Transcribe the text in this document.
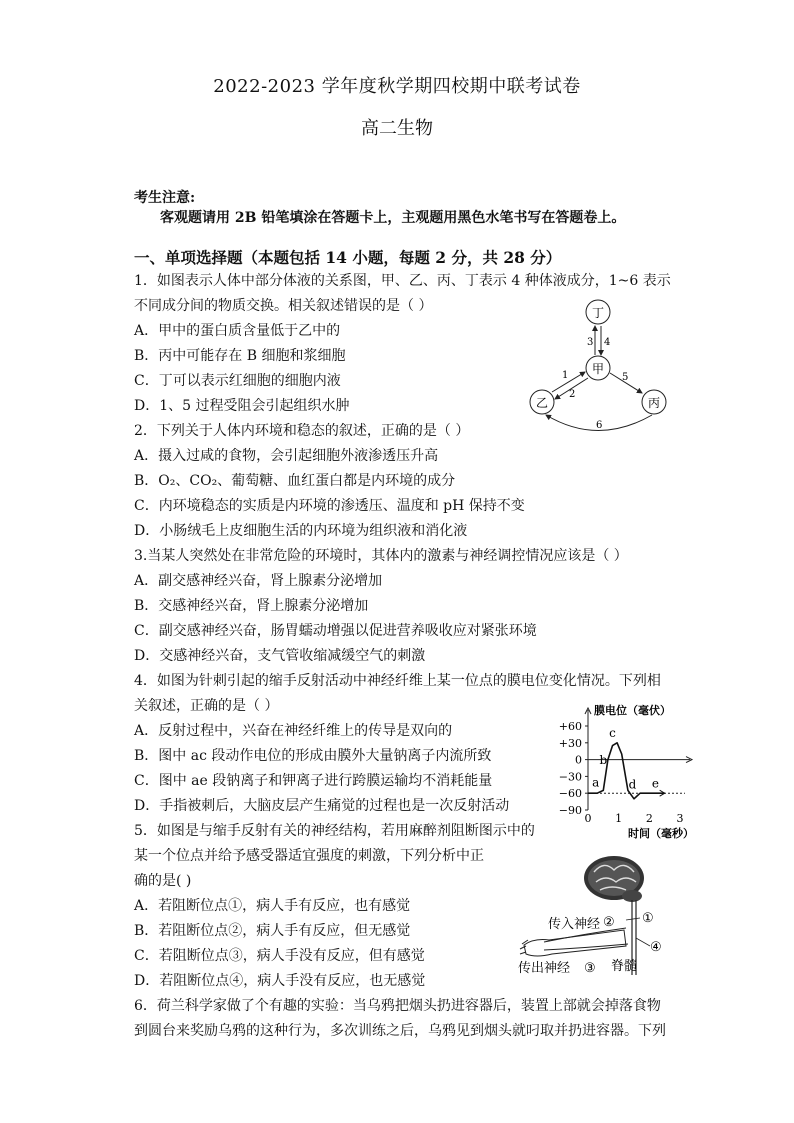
2022-2023 学年度秋学期四校期中联考试卷
高二生物
考生注意:
客观题请用 2B 铅笔填涂在答题卡上，主观题用黑色水笔书写在答题卷上。
一、单项选择题（本题包括 14 小题，每题 2 分，共 28 分）
1．如图表示人体中部分体液的关系图，甲、乙、丙、丁表示 4 种体液成分，1~6 表示
不同成分间的物质交换。相关叙述错误的是（ ）
A．甲中的蛋白质含量低于乙中的
B．丙中可能存在 B 细胞和浆细胞
C．丁可以表示红细胞的细胞内液
D．1、5 过程受阻会引起组织水肿
丁
甲
乙	丙
3 4
1
2
5
6
2．下列关于人体内环境和稳态的叙述，正确的是（ ）
A．摄入过咸的食物，会引起细胞外液渗透压升高
B．O₂、CO₂、葡萄糖、血红蛋白都是内环境的成分
C．内环境稳态的实质是内环境的渗透压、温度和 pH 保持不变
D．小肠绒毛上皮细胞生活的内环境为组织液和消化液
3.当某人突然处在非常危险的环境时，其体内的激素与神经调控情况应该是（ ）
A．副交感神经兴奋，肾上腺素分泌增加
B．交感神经兴奋，肾上腺素分泌增加
C．副交感神经兴奋，肠胃蠕动增强以促进营养吸收应对紧张环境
D．交感神经兴奋，支气管收缩减缓空气的刺激
4．如图为针刺引起的缩手反射活动中神经纤维上某一位点的膜电位变化情况。下列相
关叙述，正确的是（ ）
A．反射过程中，兴奋在神经纤维上的传导是双向的
B．图中 ac 段动作电位的形成由膜外大量钠离子内流所致
C．图中 ae 段钠离子和钾离子进行跨膜运输均不消耗能量
D．手指被刺后，大脑皮层产生痛觉的过程也是一次反射活动
膜电位（毫伏）
+60
+30
0
−30
−60
−90
0 1 2 3
时间（毫秒）
a
b
c
d e
5．如图是与缩手反射有关的神经结构，若用麻醉剂阻断图示中的
某一个位点并给予感受器适宜强度的刺激，下列分析中正
确的是( )
A．若阻断位点①，病人手有反应，也有感觉
B．若阻断位点②，病人手有反应，但无感觉
C．若阻断位点③，病人手没有反应，但有感觉
D．若阻断位点④，病人手没有反应，也无感觉
传入神经
传出神经	脊髓
② ①
④
③
6．荷兰科学家做了个有趣的实验：当乌鸦把烟头扔进容器后，装置上部就会掉落食物
到圆台来奖励乌鸦的这种行为，多次训练之后，乌鸦见到烟头就叼取并扔进容器。下列
